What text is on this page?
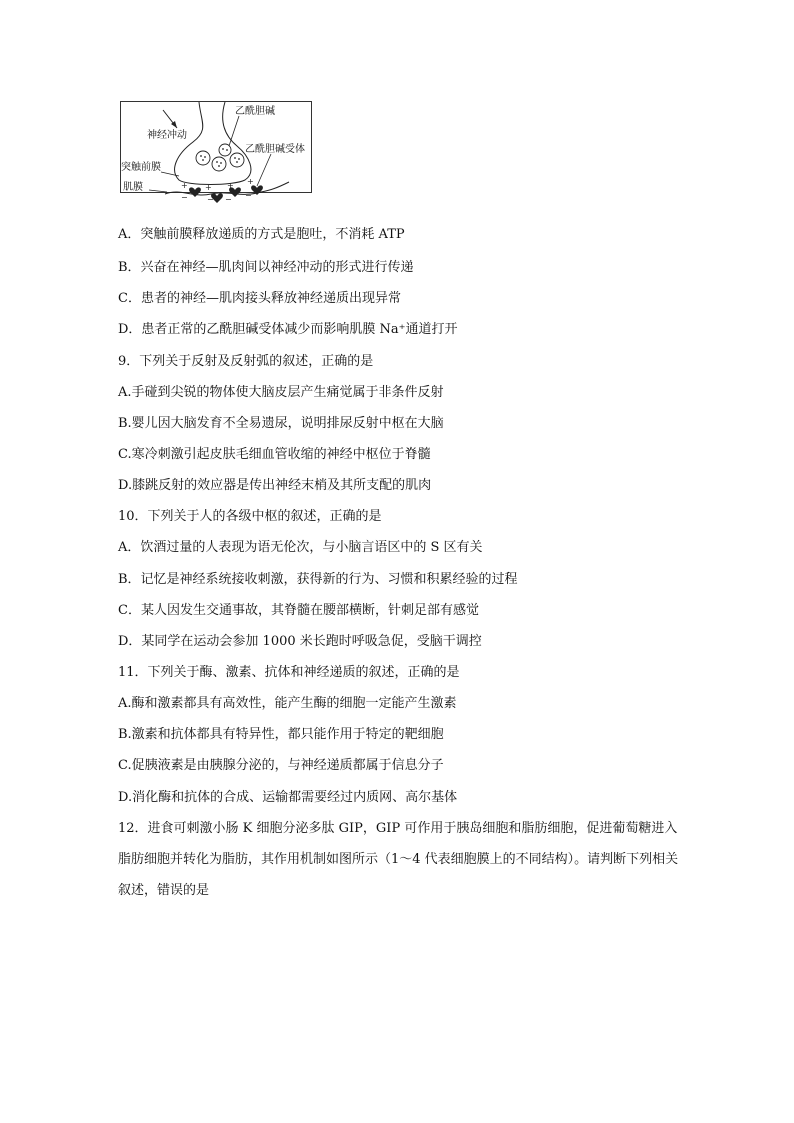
+ + + +
− − − −
神经冲动
乙酰胆碱
突触前膜
乙酰胆碱受体
肌膜
A．突触前膜释放递质的方式是胞吐，不消耗 ATP
B．兴奋在神经—肌肉间以神经冲动的形式进行传递
C．患者的神经—肌肉接头释放神经递质出现异常
D．患者正常的乙酰胆碱受体减少而影响肌膜 Na⁺通道打开
9．下列关于反射及反射弧的叙述，正确的是
A.手碰到尖锐的物体使大脑皮层产生痛觉属于非条件反射
B.婴儿因大脑发育不全易遗尿，说明排尿反射中枢在大脑
C.寒冷刺激引起皮肤毛细血管收缩的神经中枢位于脊髓
D.膝跳反射的效应器是传出神经末梢及其所支配的肌肉
10．下列关于人的各级中枢的叙述，正确的是
A．饮酒过量的人表现为语无伦次，与小脑言语区中的 S 区有关
B．记忆是神经系统接收刺激，获得新的行为、习惯和积累经验的过程
C．某人因发生交通事故，其脊髓在腰部横断，针刺足部有感觉
D．某同学在运动会参加 1000 米长跑时呼吸急促，受脑干调控
11．下列关于酶、激素、抗体和神经递质的叙述，正确的是
A.酶和激素都具有高效性，能产生酶的细胞一定能产生激素
B.激素和抗体都具有特异性，都只能作用于特定的靶细胞
C.促胰液素是由胰腺分泌的，与神经递质都属于信息分子
D.消化酶和抗体的合成、运输都需要经过内质网、高尔基体
12．进食可刺激小肠 K 细胞分泌多肽 GIP，GIP 可作用于胰岛细胞和脂肪细胞，促进葡萄糖进入脂肪细胞并转化为脂肪，其作用机制如图所示（1～4 代表细胞膜上的不同结构）。请判断下列相关叙述，错误的是
